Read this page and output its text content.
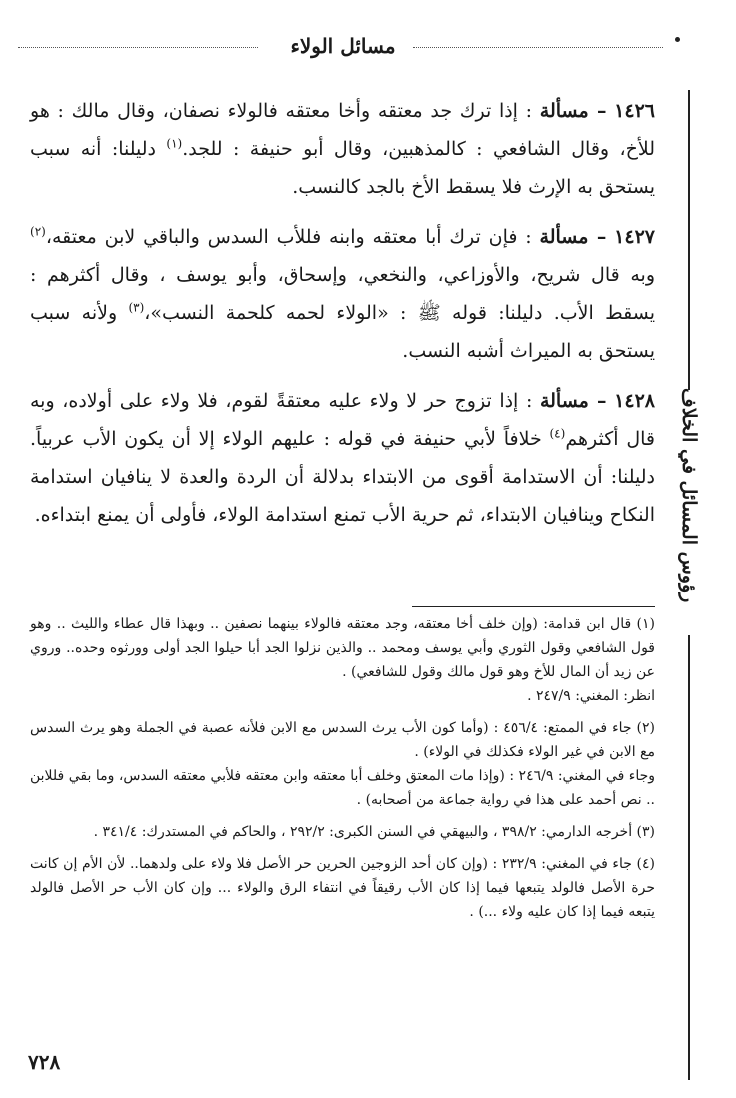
مسائل الولاء
رؤوس المسائل في الخلاف
١٤٢٦ – مسألة : إذا ترك جد معتقه وأخا معتقه فالولاء نصفان، وقال مالك : هو للأخ، وقال الشافعي : كالمذهبين، وقال أبو حنيفة : للجد.$^{(١)}$ دليلنا: أنه سبب يستحق به الإرث فلا يسقط الأخ بالجد كالنسب.
١٤٢٧ – مسألة : فإن ترك أبا معتقه وابنه فللأب السدس والباقي لابن معتقه،$^{(٢)}$ وبه قال شريح، والأوزاعي، والنخعي، وإسحاق، وأبو يوسف ، وقال أكثرهم : يسقط الأب. دليلنا: قوله ﷺ : «الولاء لحمه كلحمة النسب»،$^{(٣)}$ ولأنه سبب يستحق به الميراث أشبه النسب.
١٤٢٨ – مسألة : إذا تزوج حر لا ولاء عليه معتقةً لقوم، فلا ولاء على أولاده، وبه قال أكثرهم$^{(٤)}$ خلافاً لأبي حنيفة في قوله : عليهم الولاء إلا أن يكون الأب عربياً. دليلنا: أن الاستدامة أقوى من الابتداء بدلالة أن الردة والعدة لا ينافيان استدامة النكاح وينافيان الابتداء، ثم حرية الأب تمنع استدامة الولاء، فأولى أن يمنع ابتداءه.

(١) قال ابن قدامة: (وإن خلف أخا معتقه، وجد معتقه فالولاء بينهما نصفين .. وبهذا قال عطاء والليث .. وهو قول الشافعي وقول الثوري وأبي يوسف ومحمد .. والذين نزلوا الجد أبا حيلوا الجد أولى وورثوه وحده.. وروي عن زيد أن المال للأخ وهو قول مالك وقول للشافعي) .

انظر: المغني: ٢٤٧/٩ .

(٢) جاء في الممتع: ٤٥٦/٤ : (وأما كون الأب يرث السدس مع الابن فلأنه عصبة في الجملة وهو يرث السدس مع الابن في غير الولاء فكذلك في الولاء) .

وجاء في المغني: ٢٤٦/٩ : (وإذا مات المعتق وخلف أبا معتقه وابن معتقه فلأبي معتقه السدس، وما بقي فللابن .. نص أحمد على هذا في رواية جماعة من أصحابه) .

(٣) أخرجه الدارمي: ٣٩٨/٢ ، والبيهقي في السنن الكبرى: ٢٩٢/٢ ، والحاكم في المستدرك: ٣٤١/٤ .

(٤) جاء في المغني: ٢٣٢/٩ : (وإن كان أحد الزوجين الحرين حر الأصل فلا ولاء على ولدهما.. لأن الأم إن كانت حرة الأصل فالولد يتبعها فيما إذا كان الأب رقيقاً في انتفاء الرق والولاء ... وإن كان الأب حر الأصل فالولد يتبعه فيما إذا كان عليه ولاء ...) .

٧٢٨
